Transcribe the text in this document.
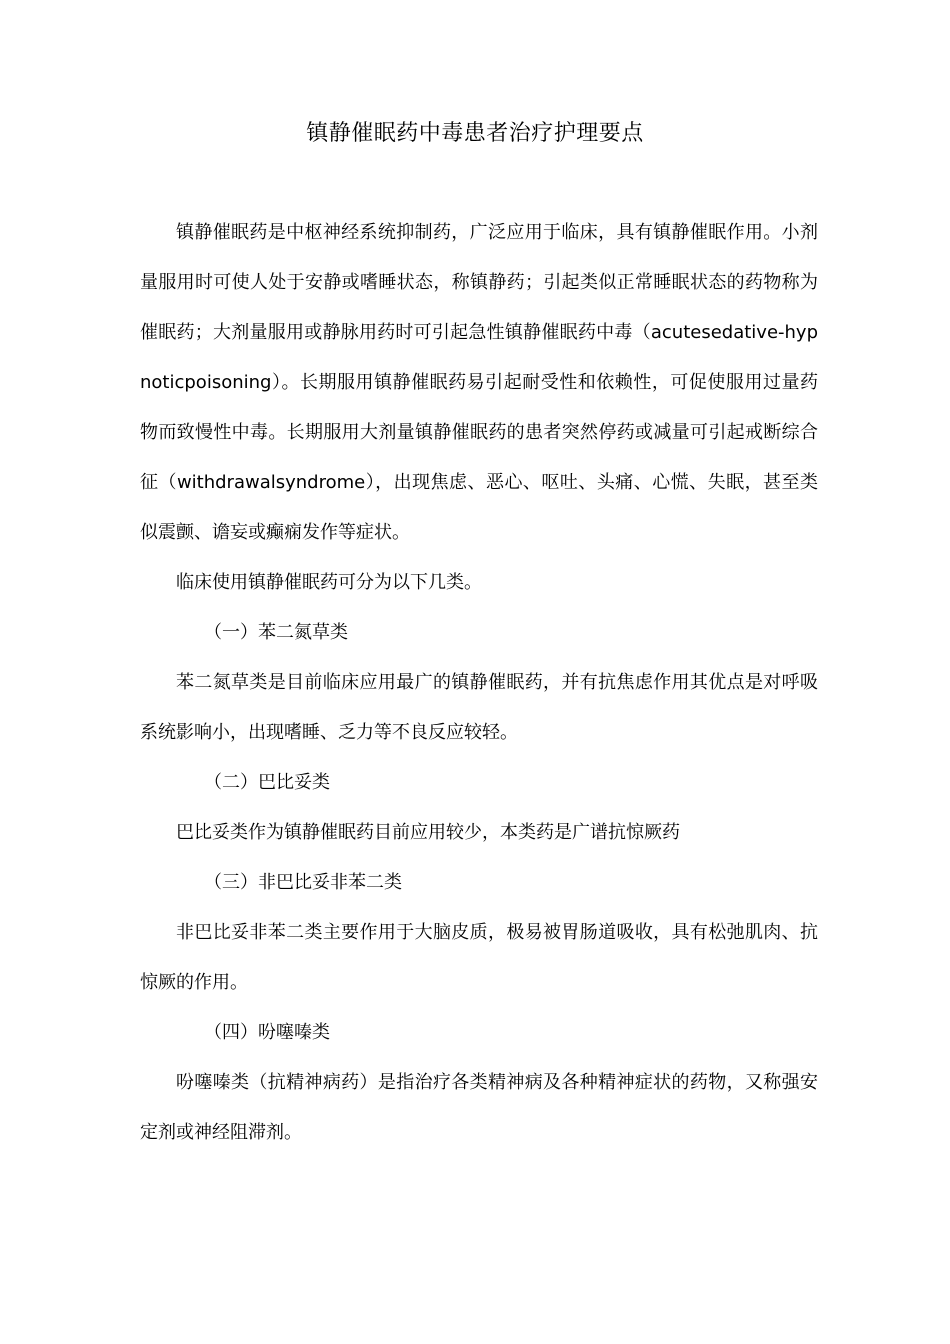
镇静催眠药中毒患者治疗护理要点

镇静催眠药是中枢神经系统抑制药，广泛应用于临床，具有镇静催眠作用。小剂量服用时可使人处于安静或嗜睡状态，称镇静药；引起类似正常睡眠状态的药物称为催眠药；大剂量服用或静脉用药时可引起急性镇静催眠药中毒（acutesedative-hypnoticpoisoning）。长期服用镇静催眠药易引起耐受性和依赖性，可促使服用过量药物而致慢性中毒。长期服用大剂量镇静催眠药的患者突然停药或减量可引起戒断综合征（withdrawalsyndrome），出现焦虑、恶心、呕吐、头痛、心慌、失眠，甚至类似震颤、谵妄或癫痫发作等症状。

临床使用镇静催眠药可分为以下几类。

（一）苯二氮草类

苯二氮草类是目前临床应用最广的镇静催眠药，并有抗焦虑作用其优点是对呼吸系统影响小，出现嗜睡、乏力等不良反应较轻。

（二）巴比妥类

巴比妥类作为镇静催眠药目前应用较少，本类药是广谱抗惊厥药

（三）非巴比妥非苯二类

非巴比妥非苯二类主要作用于大脑皮质，极易被胃肠道吸收，具有松弛肌肉、抗惊厥的作用。

（四）吩噻嗪类

吩噻嗪类（抗精神病药）是指治疗各类精神病及各种精神症状的药物，又称强安定剂或神经阻滞剂。
